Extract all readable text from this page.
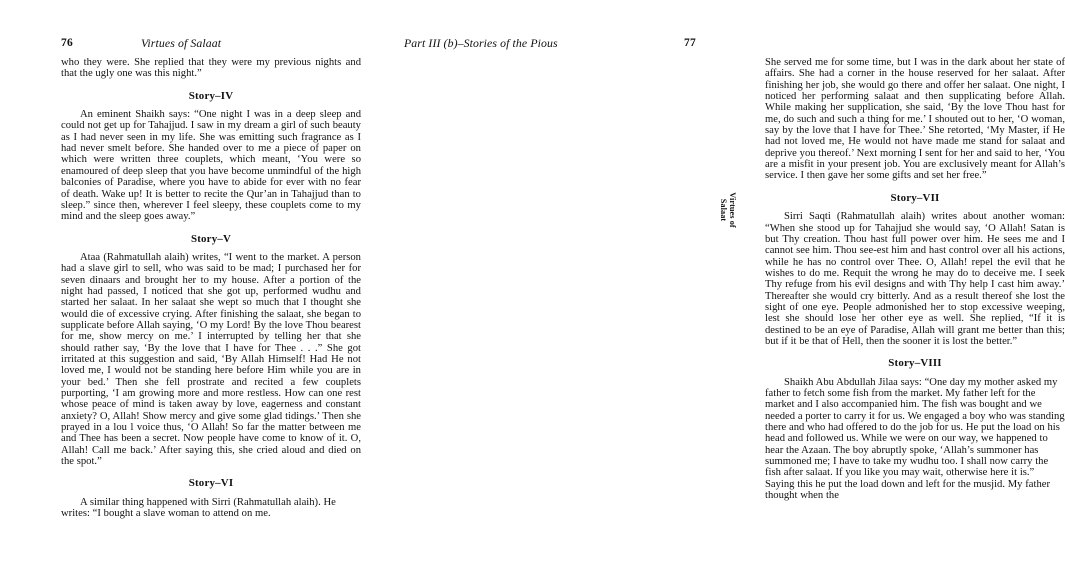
76	Virtues of Salaat

who they were. She replied that they were my previous nights and that the ugly one was this night.”

Story–IV

An eminent Shaikh says: “One night I was in a deep sleep and could not get up for Tahajjud. I saw in my dream a girl of such beauty as I had never seen in my life. She was emitting such fragrance as I had never smelt before. She handed over to me a piece of paper on which were written three couplets, which meant, ‘You were so enamoured of deep sleep that you have become unmindful of the high balconies of Paradise, where you have to abide for ever with no fear of death. Wake up! It is better to recite the Qur’an in Tahajjud than to sleep.” since then, wherever I feel sleepy, these couplets come to my mind and the sleep goes away.”

Story–V

Ataa (Rahmatullah alaih) writes, “I went to the market. A person had a slave girl to sell, who was said to be mad; I purchased her for seven dinaars and brought her to my house. After a portion of the night had passed, I noticed that she got up, performed wudhu and started her salaat. In her salaat she wept so much that I thought she would die of excessive crying. After finishing the salaat, she began to supplicate before Allah saying, ‘O my Lord! By the love Thou bearest for me, show mercy on me.’ I interrupted by telling her that she should rather say, ‘By the love that I have for Thee . . .” She got irritated at this suggestion and said, ‘By Allah Himself! Had He not loved me, I would not be standing here before Him while you are in your bed.’ Then she fell prostrate and recited a few couplets purporting, ‘I am growing more and more restless. How can one rest whose peace of mind is taken away by love, eagerness and constant anxiety? O, Allah! Show mercy and give some glad tidings.’ Then she prayed in a lou l voice thus, ‘O Allah! So far the matter between me and Thee has been a secret. Now people have come to know of it. O, Allah! Call me back.’ After saying this, she cried aloud and died on the spot.”

Story–VI

A similar thing happened with Sirri (Rahmatullah alaih). He writes: “I bought a slave woman to attend on me.

Part III (b)–Stories of the Pious	77

She served me for some time, but I was in the dark about her state of affairs. She had a corner in the house reserved for her salaat. After finishing her job, she would go there and offer her salaat. One night, I noticed her performing salaat and then supplicating before Allah. While making her supplication, she said, ‘By the love Thou hast for me, do such and such a thing for me.’ I shouted out to her, ‘O woman, say by the love that I have for Thee.’ She retorted, ‘My Master, if He had not loved me, He would not have made me stand for salaat and deprive you thereof.’ Next morning I sent for her and said to her, ‘You are a misfit in your present job. You are exclusively meant for Allah’s service. I then gave her some gifts and set her free.”

Story–VII

Sirri Saqti (Rahmatullah alaih) writes about another woman: “When she stood up for Tahajjud she would say, ‘O Allah! Satan is but Thy creation. Thou hast full power over him. He sees me and I cannot see him. Thou see-est him and hast control over all his actions, while he has no control over Thee. O, Allah! repel the evil that he wishes to do me. Requit the wrong he may do to deceive me. I seek Thy refuge from his evil designs and with Thy help I cast him away.’ Thereafter she would cry bitterly. And as a result thereof she lost the sight of one eye. People admonished her to stop excessive weeping, lest she should lose her other eye as well. She replied, “If it is destined to be an eye of Paradise, Allah will grant me better than this; but if it be that of Hell, then the sooner it is lost the better.”

Story–VIII

Shaikh Abu Abdullah Jilaa says: “One day my mother asked my father to fetch some fish from the market. My father left for the market and I also accompanied him. The fish was bought and we needed a porter to carry it for us. We engaged a boy who was standing there and who had offered to do the job for us. He put the load on his head and followed us. While we were on our way, we happened to hear the Azaan. The boy abruptly spoke, ‘Allah’s summoner has summoned me; I have to take my wudhu too. I shall now carry the fish after salaat. If you like you may wait, otherwise here it is.” Saying this he put the load down and left for the musjid. My father thought when the

Virtues of
Salaat
